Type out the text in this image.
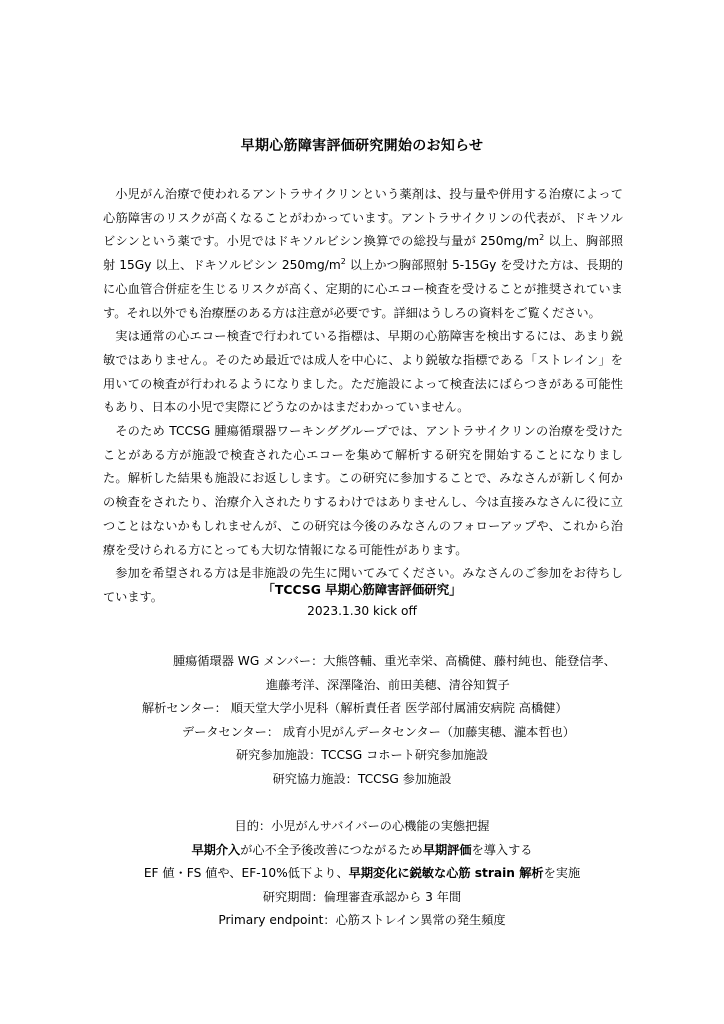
早期心筋障害評価研究開始のお知らせ

小児がん治療で使われるアントラサイクリンという薬剤は、投与量や併用する治療によって心筋障害のリスクが高くなることがわかっています。アントラサイクリンの代表が、ドキソルビシンという薬です。小児ではドキソルビシン換算での総投与量が $250mg/m^2$ 以上、胸部照射 15Gy 以上、ドキソルビシン $250mg/m^2$ 以上かつ胸部照射 5-15Gy を受けた方は、長期的に心血管合併症を生じるリスクが高く、定期的に心エコー検査を受けることが推奨されています。それ以外でも治療歴のある方は注意が必要です。詳細はうしろの資料をご覧ください。

実は通常の心エコー検査で行われている指標は、早期の心筋障害を検出するには、あまり鋭敏ではありません。そのため最近では成人を中心に、より鋭敏な指標である「ストレイン」を用いての検査が行われるようになりました。ただ施設によって検査法にばらつきがある可能性もあり、日本の小児で実際にどうなのかはまだわかっていません。

そのため TCCSG 腫瘍循環器ワーキンググループでは、アントラサイクリンの治療を受けたことがある方が施設で検査された心エコーを集めて解析する研究を開始することになりました。解析した結果も施設にお返しします。この研究に参加することで、みなさんが新しく何かの検査をされたり、治療介入されたりするわけではありませんし、今は直接みなさんに役に立つことはないかもしれませんが、この研究は今後のみなさんのフォローアップや、これから治療を受けられる方にとっても大切な情報になる可能性があります。

参加を希望される方は是非施設の先生に聞いてみてください。みなさんのご参加をお待ちしています。	「TCCSG 早期心筋障害評価研究」
2023.1.30 kick off
腫瘍循環器 WG メンバー：大熊啓輔、重光幸栄、高橋健、藤村純也、能登信孝、
進藤考洋、深澤隆治、前田美穂、清谷知賀子
解析センター： 順天堂大学小児科（解析責任者 医学部付属浦安病院 高橋健）
データセンター： 成育小児がんデータセンター（加藤実穂、瀧本哲也）
研究参加施設：TCCSG コホート研究参加施設
研究協力施設：TCCSG 参加施設
目的：小児がんサバイバーの心機能の実態把握
早期介入が心不全予後改善につながるため早期評価を導入する
EF 値・FS 値や、EF-10%低下より、早期変化に鋭敏な心筋 strain 解析を実施
研究期間：倫理審査承認から 3 年間
Primary endpoint：心筋ストレイン異常の発生頻度
